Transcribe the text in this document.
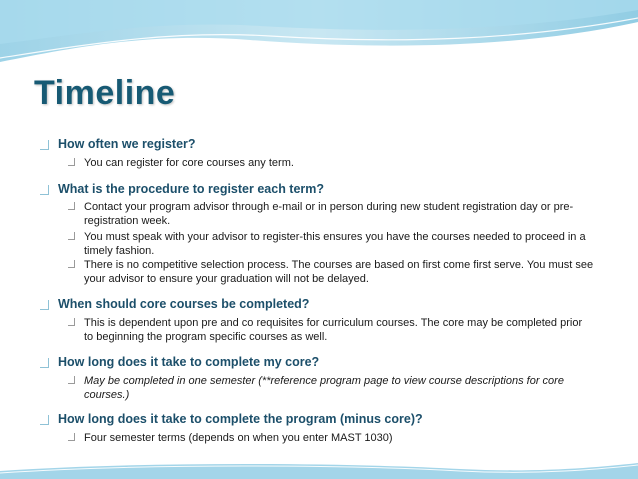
Timeline
How often we register?
You can register for core courses any term.
What is the procedure to register each term?
Contact your program advisor through e-mail or in person during new student registration day or pre-registration week.
You must speak with your advisor to register-this ensures you have the courses needed to proceed in a timely fashion.
There is no competitive selection process. The courses are based on first come first serve. You must see your advisor to ensure your graduation will not be delayed.
When should core courses be completed?
This is dependent upon pre and co requisites for curriculum courses. The core may be completed prior to beginning the program specific courses as well.
How long does it take to complete my core?
May be completed in one semester (**reference program page to view course descriptions for core courses.)
How long does it take to complete the program (minus core)?
Four semester terms (depends on when you enter MAST 1030)
